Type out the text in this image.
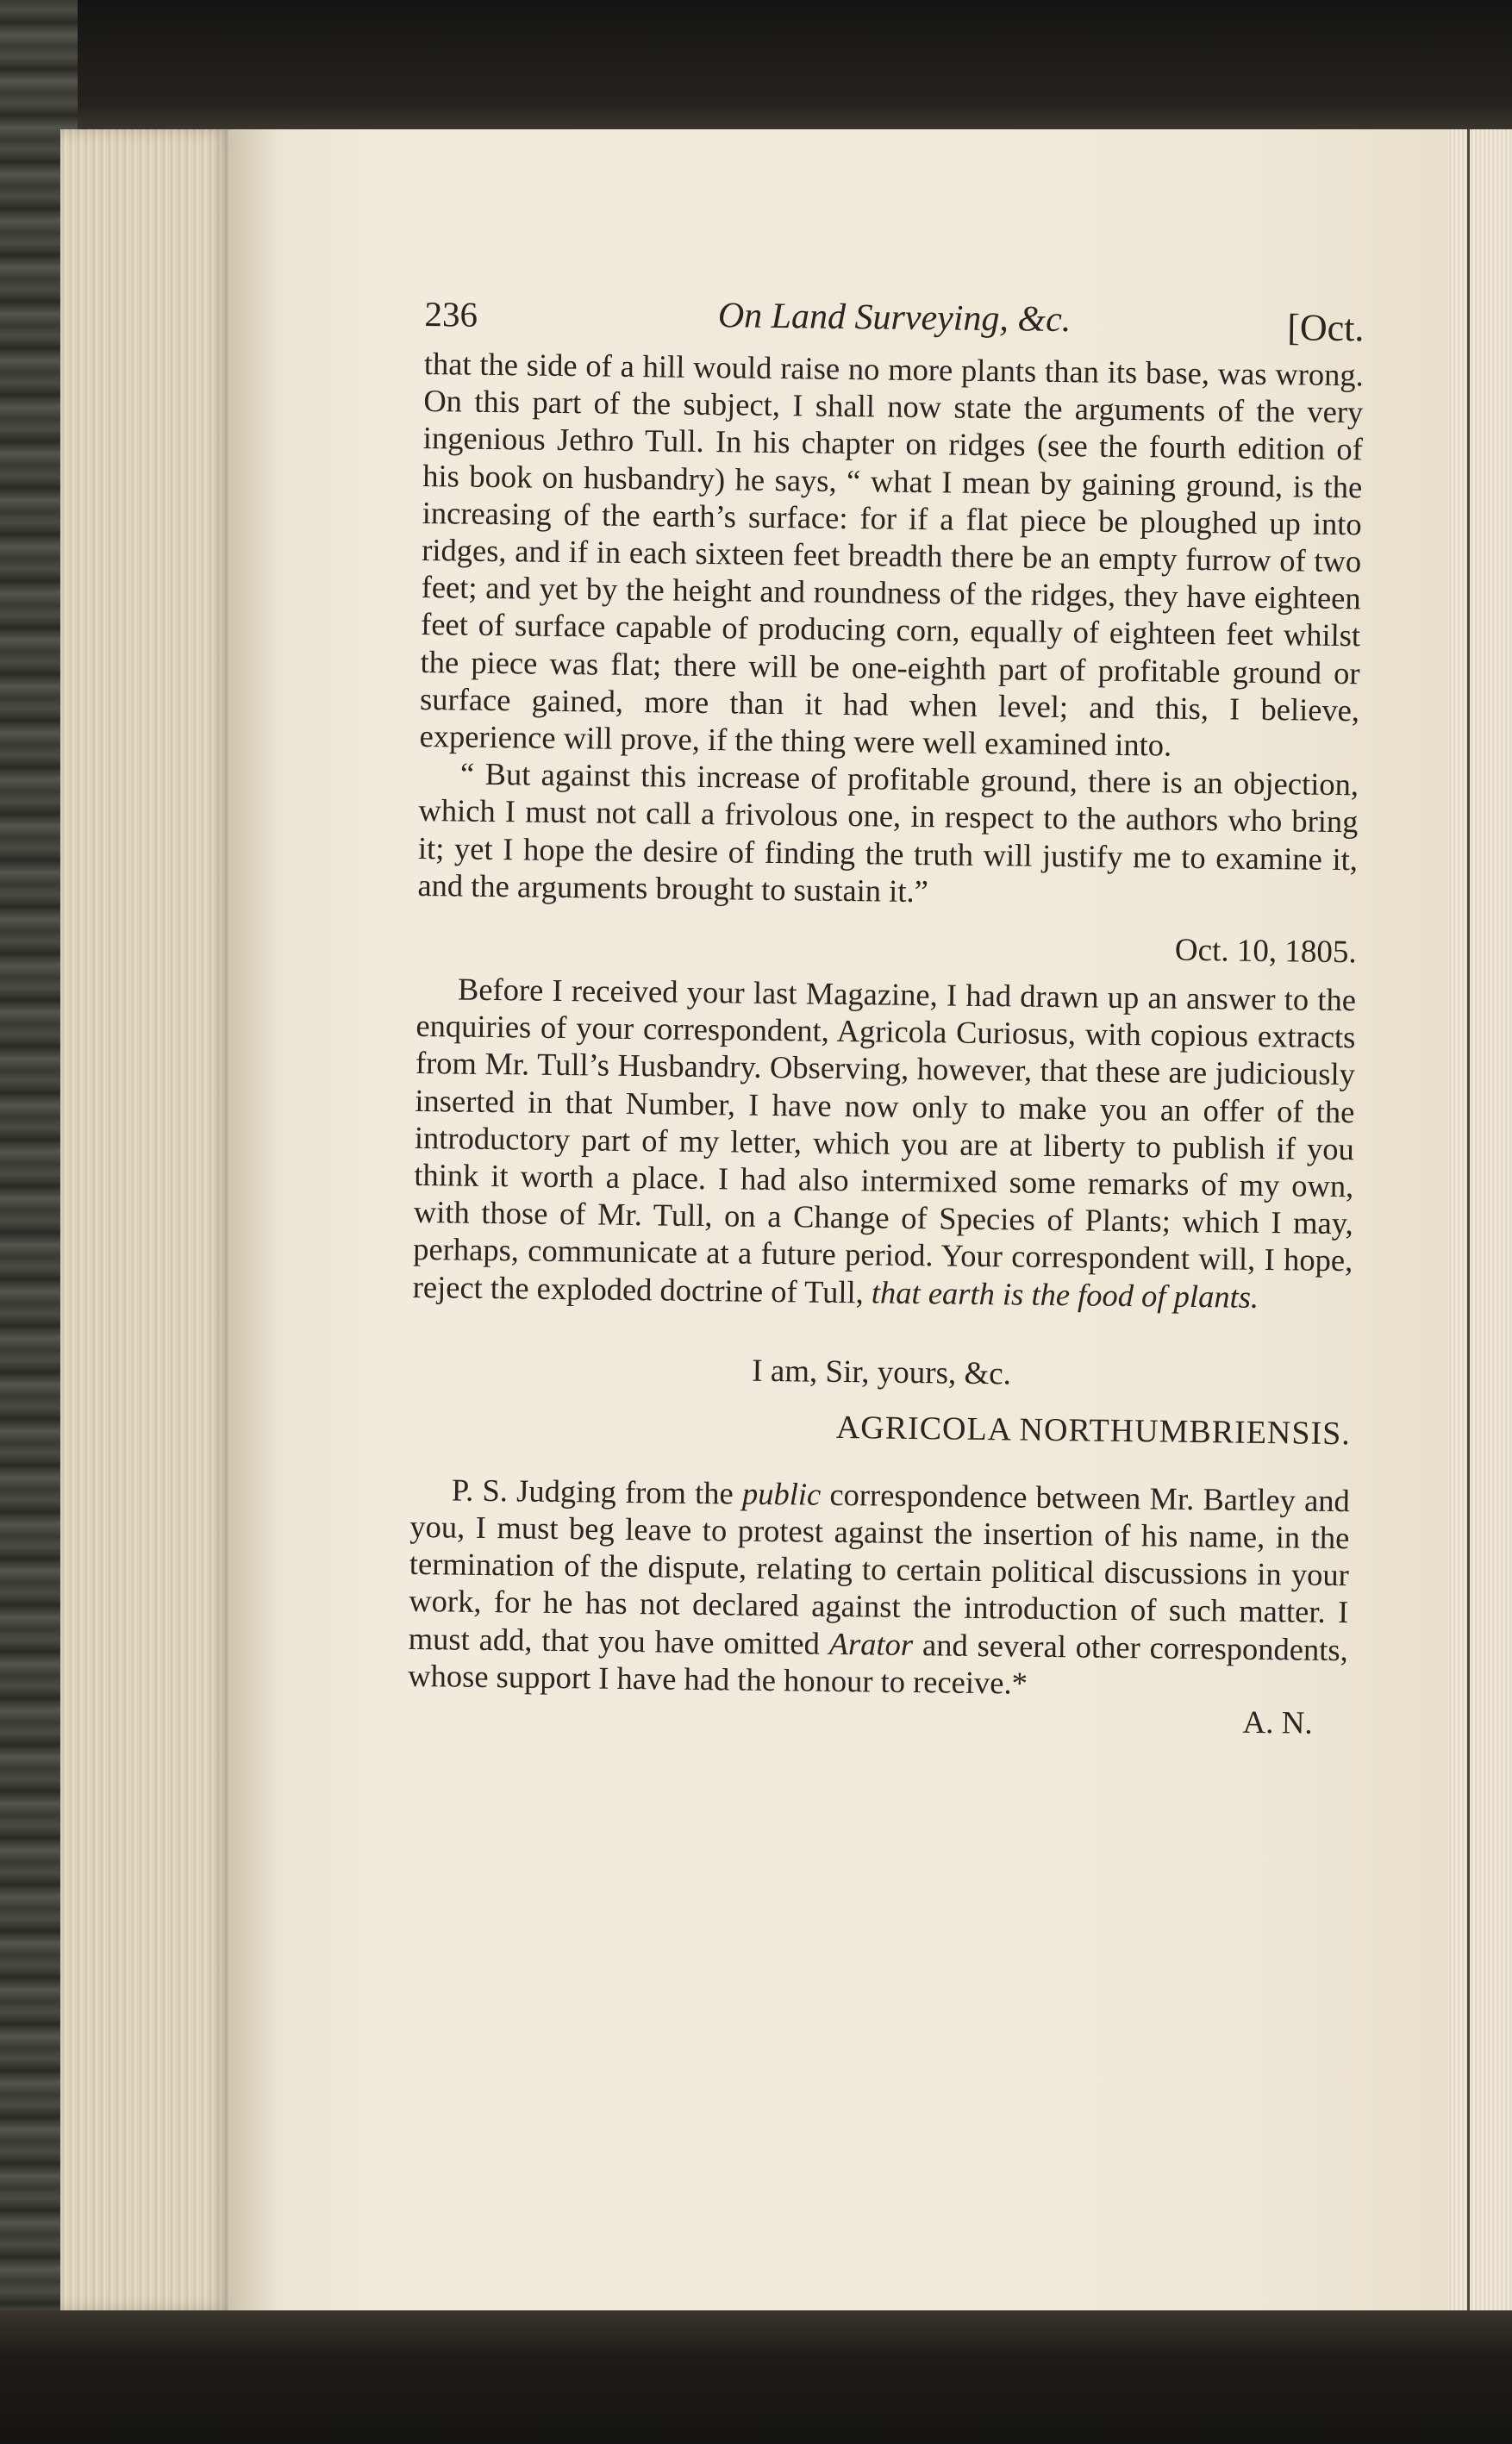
236	On Land Surveying, &c.	[Oct.

that the side of a hill would raise no more plants than its base, was wrong. On this part of the subject, I shall now state the arguments of the very ingenious Jethro Tull. In his chapter on ridges (see the fourth edition of his book on husbandry) he says, “ what I mean by gaining ground, is the increasing of the earth’s surface: for if a flat piece be ploughed up into ridges, and if in each sixteen feet breadth there be an empty furrow of two feet; and yet by the height and roundness of the ridges, they have eighteen feet of surface capable of producing corn, equally of eighteen feet whilst the piece was flat; there will be one-eighth part of profitable ground or surface gained, more than it had when level; and this, I believe, experience will prove, if the thing were well examined into.

“ But against this increase of profitable ground, there is an objection, which I must not call a frivolous one, in respect to the authors who bring it; yet I hope the desire of finding the truth will justify me to examine it, and the arguments brought to sustain it.”

Oct. 10, 1805.

Before I received your last Magazine, I had drawn up an answer to the enquiries of your correspondent, Agricola Curiosus, with copious extracts from Mr. Tull’s Husbandry. Observing, however, that these are judiciously inserted in that Number, I have now only to make you an offer of the introductory part of my letter, which you are at liberty to publish if you think it worth a place. I had also intermixed some remarks of my own, with those of Mr. Tull, on a Change of Species of Plants; which I may, perhaps, communicate at a future period. Your correspondent will, I hope, reject the exploded doctrine of Tull, that earth is the food of plants.

I am, Sir, yours, &c.

AGRICOLA NORTHUMBRIENSIS.

P. S. Judging from the public correspondence between Mr. Bartley and you, I must beg leave to protest against the insertion of his name, in the termination of the dispute, relating to certain political discussions in your work, for he has not declared against the introduction of such matter. I must add, that you have omitted Arator and several other correspondents, whose support I have had the honour to receive.*

A. N.
